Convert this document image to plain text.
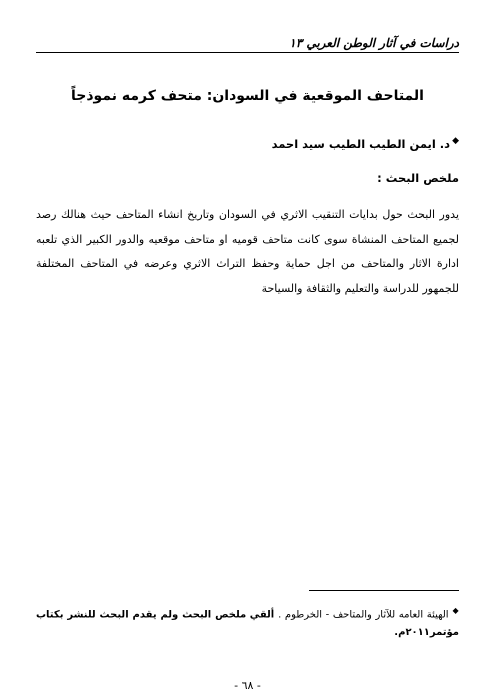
دراسات في آثار الوطن العربي ١٣
المتاحف الموقعية في السودان: متحف كرمه نموذجاً
◆د. ايمن الطيب الطيب سيد احمد
ملخص البحث :
يدور البحث حول بدايات التنقيب الاثري في السودان وتاريخ انشاء المتاحف حيث هنالك رصد لجميع المتاحف المنشاة سوى كانت متاحف قوميه او متاحف موقعيه والدور الكبير الذي تلعبه ادارة الاثار والمتاحف من اجل حماية وحفظ التراث الاثري وعرضه في المتاحف المختلفة للجمهور للدراسة والتعليم والثقافة والسياحة
◆ الهيئة العامه للآثار والمتاحف - الخرطوم . ألقي ملخص البحث ولم يقدم البحث للنشر بكتاب مؤتمر٢٠١١م.
- ٦٨ -
